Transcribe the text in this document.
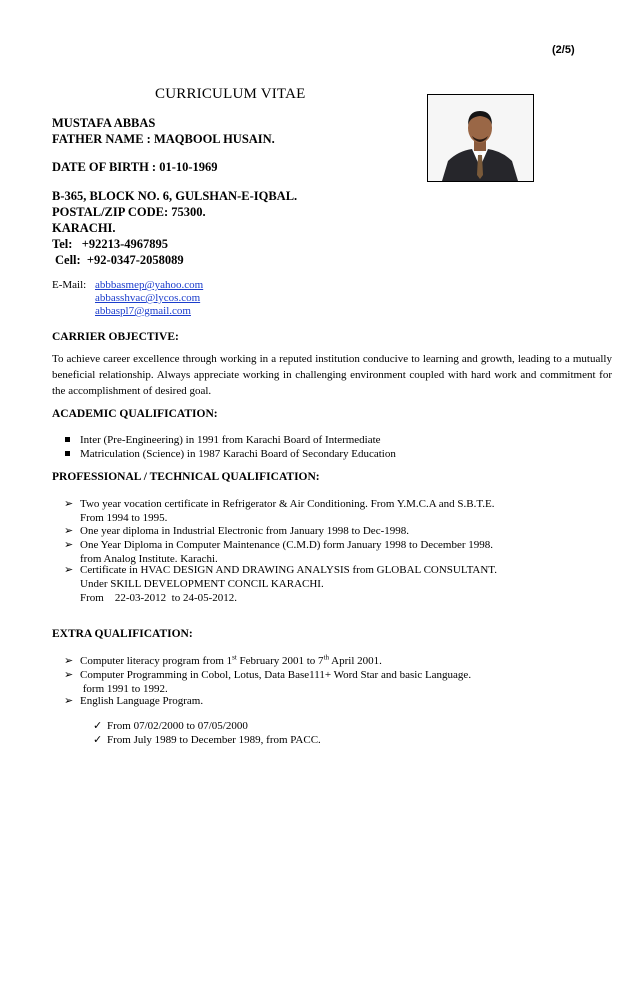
(2/5)
CURRICULUM VITAE
MUSTAFA ABBAS
FATHER NAME : MAQBOOL HUSAIN.
DATE OF BIRTH : 01-10-1969
B-365, BLOCK NO. 6, GULSHAN-E-IQBAL.
POSTAL/ZIP CODE: 75300.
KARACHI.
Tel:   +92213-4967895
Cell:  +92-0347-2058089
E-Mail: abbbasmep@yahoo.com
abbasshvac@lycos.com
abbaspl7@gmail.com
CARRIER OBJECTIVE:
To achieve career excellence through working in a reputed institution conducive to learning and growth, leading to a mutually beneficial relationship. Always appreciate working in challenging environment coupled with hard work and commitment for the accomplishment of desired goal.
ACADEMIC QUALIFICATION:
Inter (Pre-Engineering) in 1991 from Karachi Board of Intermediate
Matriculation (Science) in 1987 Karachi Board of Secondary Education
PROFESSIONAL / TECHNICAL QUALIFICATION:
➢ Two year vocation certificate in Refrigerator & Air Conditioning. From Y.M.C.A and S.B.T.E.
From 1994 to 1995.
➢ One year diploma in Industrial Electronic from January 1998 to Dec-1998.
➢ One Year Diploma in Computer Maintenance (C.M.D) form January 1998 to December 1998.
from Analog Institute. Karachi.
➢ Certificate in HVAC DESIGN AND DRAWING ANALYSIS from GLOBAL CONSULTANT.
Under SKILL DEVELOPMENT CONCIL KARACHI.
From    22-03-2012  to 24-05-2012.
EXTRA QUALIFICATION:
➢ Computer literacy program from 1st February 2001 to 7th April 2001.
➢ Computer Programming in Cobol, Lotus, Data Base111+ Word Star and basic Language.
form 1991 to 1992.
➢ English Language Program.
✓ From 07/02/2000 to 07/05/2000
✓ From July 1989 to December 1989, from PACC.
